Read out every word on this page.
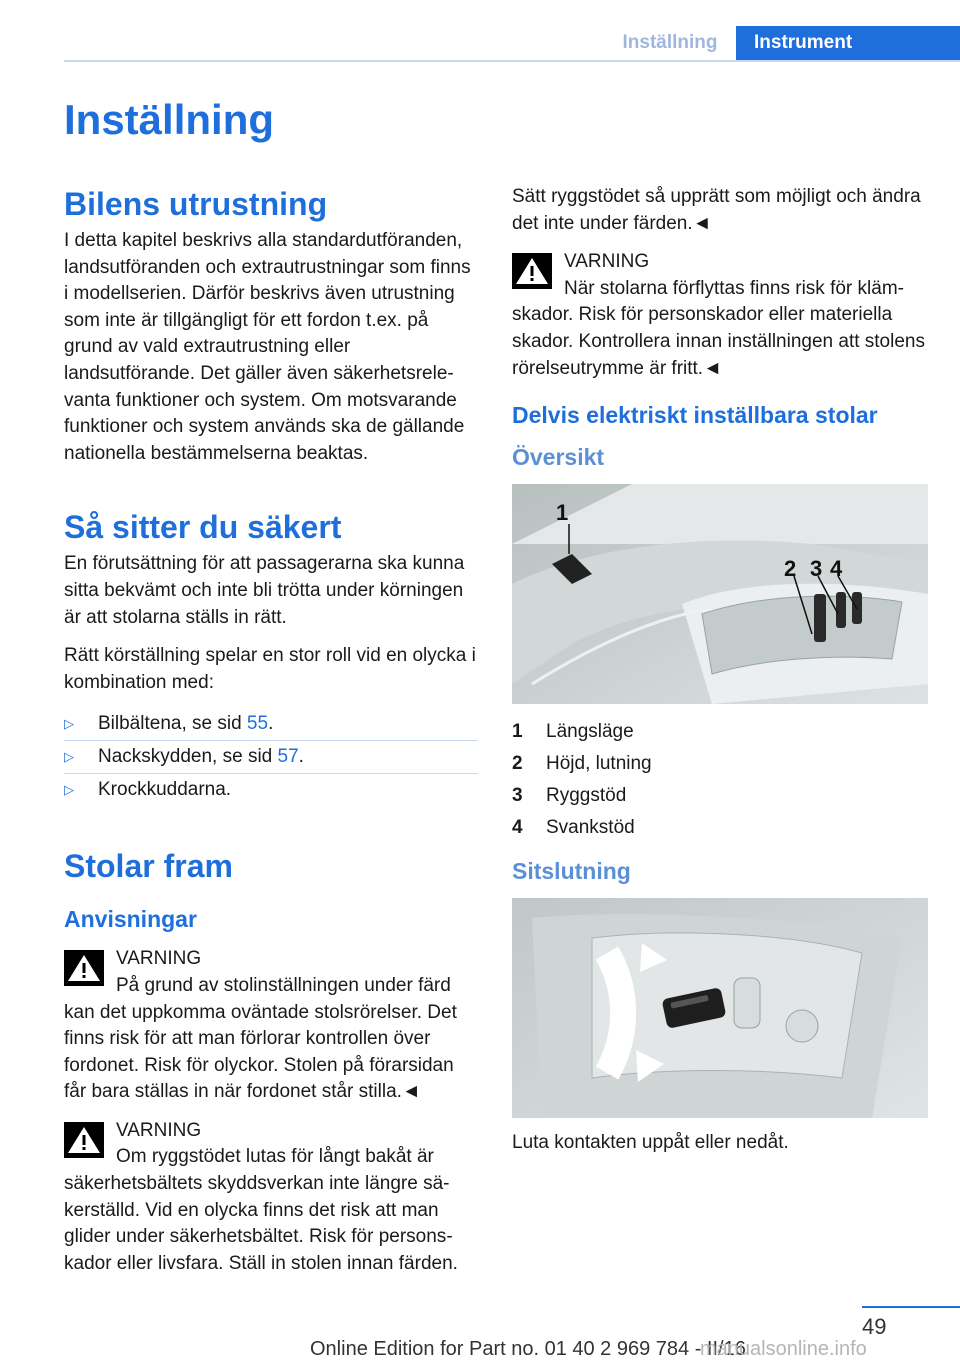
Inställning	Instrument
Inställning
Bilens utrustning

I detta kapitel beskrivs alla standardutföranden, landsutföranden och extrautrustningar som finns i modellserien. Därför beskrivs även utrustning som inte är tillgängligt för ett fordon t.ex. på grund av vald extrautrustning eller landsutförande. Det gäller även säkerhetsrelevanta funktioner och system. Om motsvarande funktioner och system används ska de gällande nationella bestämmelserna beaktas.

Så sitter du säkert

En förutsättning för att passagerarna ska kunna sitta bekvämt och inte bli trötta under körningen är att stolarna ställs in rätt.

Rätt körställning spelar en stor roll vid en olycka i kombination med:

▷ Bilbältena, se sid 55.
▷ Nackskydden, se sid 57.
▷ Krockkuddarna.
Stolar fram
Anvisningar
VARNING
På grund av stolinställningen under färd kan det uppkomma oväntade stolsrörelser. Det finns risk för att man förlorar kontrollen över fordonet. Risk för olyckor. Stolen på förarsidan får bara ställas in när fordonet står stilla.◄
VARNING
Om ryggstödet lutas för långt bakåt är säkerhetsbältets skyddsverkan inte längre säkerställd. Vid en olycka finns det risk att man glider under säkerhetsbältet. Risk för personskador eller livsfara. Ställ in stolen innan färden.

Sätt ryggstödet så upprätt som möjligt och ändra det inte under färden.◄

VARNING
När stolarna förflyttas finns risk för klämskador. Risk för personskador eller materiella skador. Kontrollera innan inställningen att stolens rörelseutrymme är fritt.◄
Delvis elektriskt inställbara stolar
Översikt
1
2 3 4
1 Längsläge
2 Höjd, lutning
3 Ryggstöd
4 Svankstöd
Sitslutning

Luta kontakten uppåt eller nedåt.

49
Online Edition for Part no. 01 40 2 969 784 - II/16
manualsonline.info
